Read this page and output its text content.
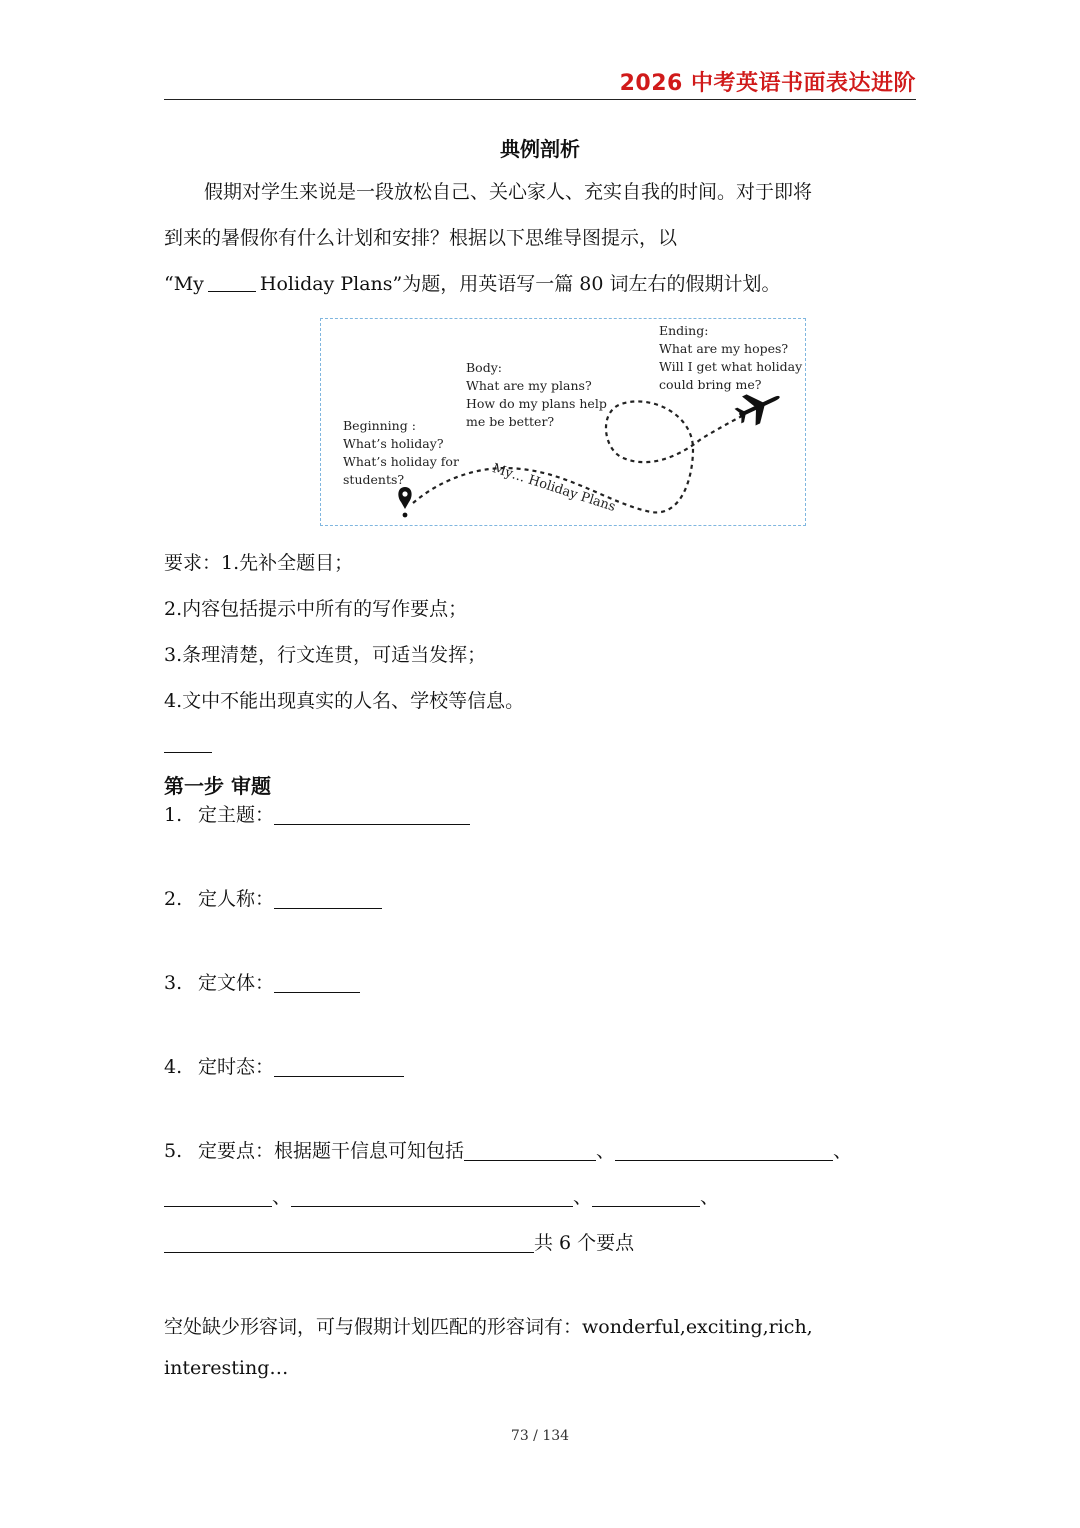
2026 中考英语书面表达进阶
典例剖析
假期对学生来说是一段放松自己、关心家人、充实自我的时间。对于即将
到来的暑假你有什么计划和安排？根据以下思维导图提示，以
“My	Holiday Plans”为题，用英语写一篇 80 词左右的假期计划。
Beginning :
What’s holiday?
What’s holiday for
students?
Body:
What are my plans?
How do my plans help
me be better?
Ending:
What are my hopes?
Will I get what holiday
could bring me?
My… Holiday Plans
要求：1.先补全题目；
2.内容包括提示中所有的写作要点；
3.条理清楚，行文连贯，可适当发挥；
4.文中不能出现真实的人名、学校等信息。
第一步 审题
1. 定主题：
2. 定人称：
3. 定文体：
4. 定时态：
5. 定要点：根据题干信息可知包括	、	、
、	、	、
共 6 个要点
空处缺少形容词，可与假期计划匹配的形容词有：wonderful,exciting,rich,
interesting…
73 / 134
